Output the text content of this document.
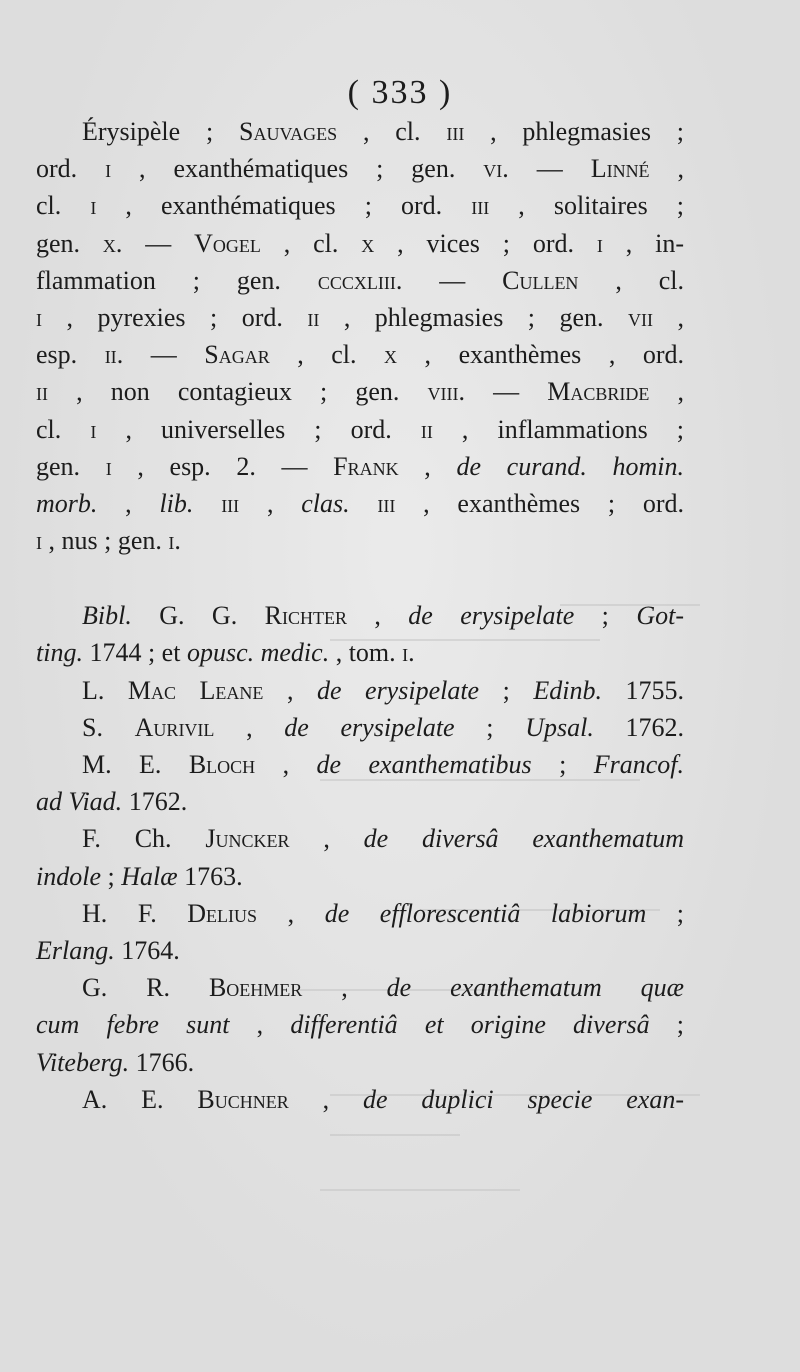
( 333 )
Érysipèle ; Sauvages , cl. iii , phlegmasies ;
ord. i , exanthématiques ; gen. vi. — Linné ,
cl. i , exanthématiques ; ord. iii , solitaires ;
gen. x. — Vogel , cl. x , vices ; ord. i , in-
flammation ; gen. cccxliii. — Cullen , cl.
i , pyrexies ; ord. ii , phlegmasies ; gen. vii ,
esp. ii. — Sagar , cl. x , exanthèmes , ord.
ii , non contagieux ; gen. viii. — Macbride ,
cl. i , universelles ; ord. ii , inflammations ;
gen. i , esp. 2. — Frank , de curand. homin.
morb. , lib. iii , clas. iii , exanthèmes ; ord.
i , nus ; gen. i.
Bibl. G. G. Richter , de erysipelate ; Got-
ting. 1744 ; et opusc. medic. , tom. i.
L. Mac Leane , de erysipelate ; Edinb. 1755.
S. Aurivil , de erysipelate ; Upsal. 1762.
M. E. Bloch , de exanthematibus ; Francof.
ad Viad. 1762.
F. Ch. Juncker , de diversâ exanthematum
indole ; Halæ 1763.
H. F. Delius , de efflorescentiâ labiorum ;
Erlang. 1764.
G. R. Boehmer , de exanthematum quæ
cum febre sunt , differentiâ et origine diversâ ;
Viteberg. 1766.
A. E. Buchner , de duplici specie exan-
